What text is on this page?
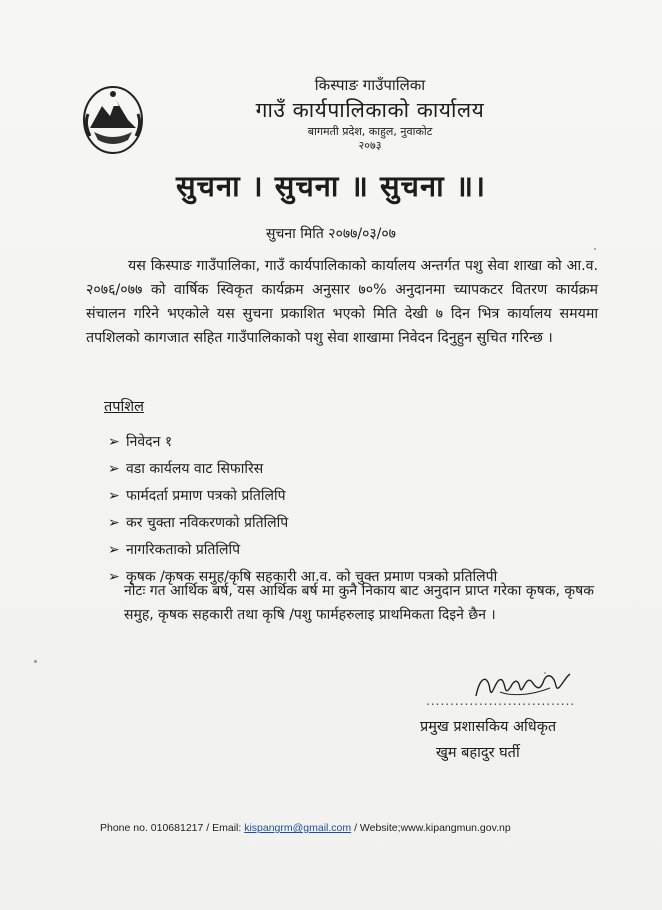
किस्पाङ गाउँपालिका

गाउँ कार्यपालिकाको कार्यालय

बागमती प्रदेश, काहुल, नुवाकोट

२०७३

सुचना । सुचना ॥ सुचना ॥।

सुचना मिति २०७७/०३/०७

यस किस्पाङ गाउँपालिका, गाउँ कार्यपालिकाको कार्यालय अन्तर्गत पशु सेवा शाखा को आ.व. २०७६/०७७ को वार्षिक स्विकृत कार्यक्रम अनुसार ७०% अनुदानमा च्यापकटर वितरण कार्यक्रम संचालन गरिने भएकोले यस सुचना प्रकाशित भएको मिति देखी ७ दिन भित्र कार्यालय समयमा तपशिलको कागजात सहित गाउँपालिकाको पशु सेवा शाखामा निवेदन दिनुहुन सुचित गरिन्छ ।

तपशिल

➢ निवेदन १
➢ वडा कार्यलय वाट सिफारिस
➢ फार्मदर्ता प्रमाण पत्रको प्रतिलिपि
➢ कर चुक्ता नविकरणको प्रतिलिपि
➢ नागरिकताको प्रतिलिपि
➢ कृषक /कृषक समुह/कृषि सहकारी आ.व. को चुक्त प्रमाण पत्रको प्रतिलिपी

नोटः गत आर्थिक बर्ष, यस आर्थिक बर्ष मा कुनै निकाय बाट अनुदान प्राप्त गरेका कृषक, कृषक समुह, कृषक सहकारी तथा कृषि /पशु फार्महरुलाइ प्राथमिकता दिइने छैन ।

...............................

प्रमुख प्रशासकिय अधिकृत

खुम बहादुर घर्ती

Phone no. 010681217 / Email: kispangrm@gmail.com / Website;www.kipangmun.gov.np
